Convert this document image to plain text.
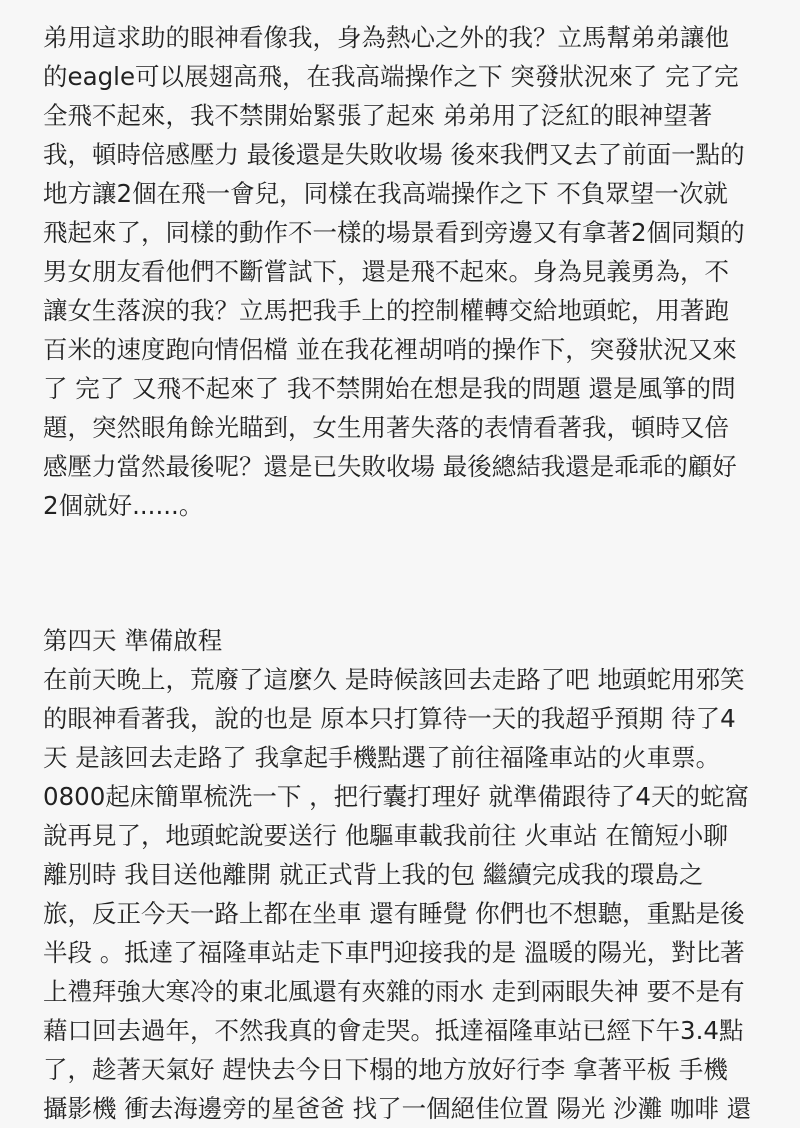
弟用這求助的眼神看像我，身為熱心之外的我？立馬幫弟弟讓他
的eagle可以展翅高飛，在我高端操作之下 突發狀況來了 完了完
全飛不起來，我不禁開始緊張了起來 弟弟用了泛紅的眼神望著
我，頓時倍感壓力 最後還是失敗收場 後來我們又去了前面一點的
地方讓2個在飛一會兒，同樣在我高端操作之下 不負眾望一次就
飛起來了，同樣的動作不一樣的場景看到旁邊又有拿著2個同類的
男女朋友看他們不斷嘗試下，還是飛不起來。身為見義勇為，不
讓女生落淚的我？立馬把我手上的控制權轉交給地頭蛇，用著跑
百米的速度跑向情侶檔 並在我花裡胡哨的操作下，突發狀況又來
了 完了 又飛不起來了 我不禁開始在想是我的問題 還是風箏的問
題，突然眼角餘光瞄到，女生用著失落的表情看著我，頓時又倍
感壓力當然最後呢？還是已失敗收場 最後總結我還是乖乖的顧好
2個就好......。
第四天 準備啟程
在前天晚上，荒廢了這麼久 是時候該回去走路了吧 地頭蛇用邪笑
的眼神看著我，說的也是 原本只打算待一天的我超乎預期 待了4
天 是該回去走路了 我拿起手機點選了前往福隆車站的火車票。
0800起床簡單梳洗一下 ，把行囊打理好 就準備跟待了4天的蛇窩
說再見了，地頭蛇說要送行 他驅車載我前往 火車站 在簡短小聊
離別時 我目送他離開 就正式背上我的包 繼續完成我的環島之
旅，反正今天一路上都在坐車 還有睡覺 你們也不想聽，重點是後
半段 。抵達了福隆車站走下車門迎接我的是 溫暖的陽光，對比著
上禮拜強大寒冷的東北風還有夾雜的雨水 走到兩眼失神 要不是有
藉口回去過年，不然我真的會走哭。抵達福隆車站已經下午3.4點
了，趁著天氣好 趕快去今日下榻的地方放好行李 拿著平板 手機
攝影機 衝去海邊旁的星爸爸 找了一個絕佳位置 陽光 沙灘 咖啡 還
